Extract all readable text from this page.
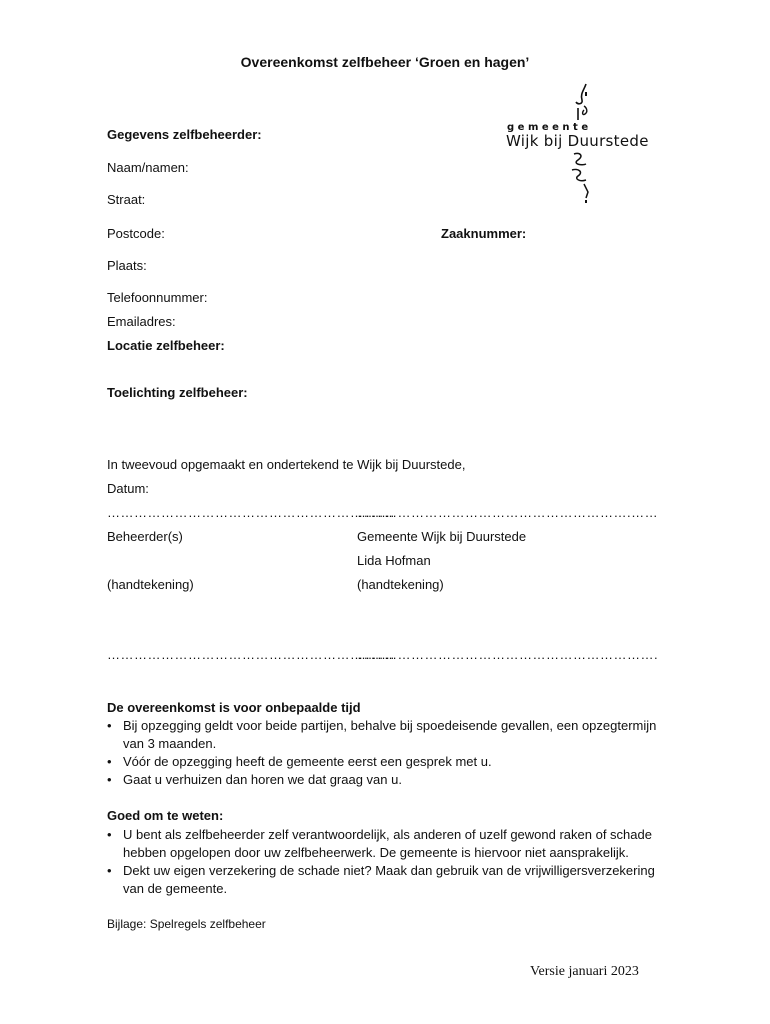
Overeenkomst zelfbeheer ‘Groen en hagen’
gemeente
Wijk bij Duurstede
Gegevens zelfbeheerder:
Naam/namen:
Straat:
Postcode:	Zaaknummer:
Plaats:
Telefoonnummer:
Emailadres:
Locatie zelfbeheer:
Toelichting zelfbeheer:
In tweevoud opgemaakt en ondertekend te Wijk bij Duurstede,
Datum:
……………………………………………………….
…………………………………………………….……
Beheerder(s)	Gemeente Wijk bij Duurstede
Lida Hofman
(handtekening)	(handtekening)
……………………………………………………….
………………………………………………………….
De overeenkomst is voor onbepaalde tijd
• Bij opzegging geldt voor beide partijen, behalve bij spoedeisende gevallen, een opzegtermijn van 3 maanden.
• Vóór de opzegging heeft de gemeente eerst een gesprek met u.
• Gaat u verhuizen dan horen we dat graag van u.
Goed om te weten:
• U bent als zelfbeheerder zelf verantwoordelijk, als anderen of uzelf gewond raken of schade hebben opgelopen door uw zelfbeheerwerk. De gemeente is hiervoor niet aansprakelijk.
• Dekt uw eigen verzekering de schade niet? Maak dan gebruik van de vrijwilligersverzekering van de gemeente.
Bijlage: Spelregels zelfbeheer
Versie januari 2023
